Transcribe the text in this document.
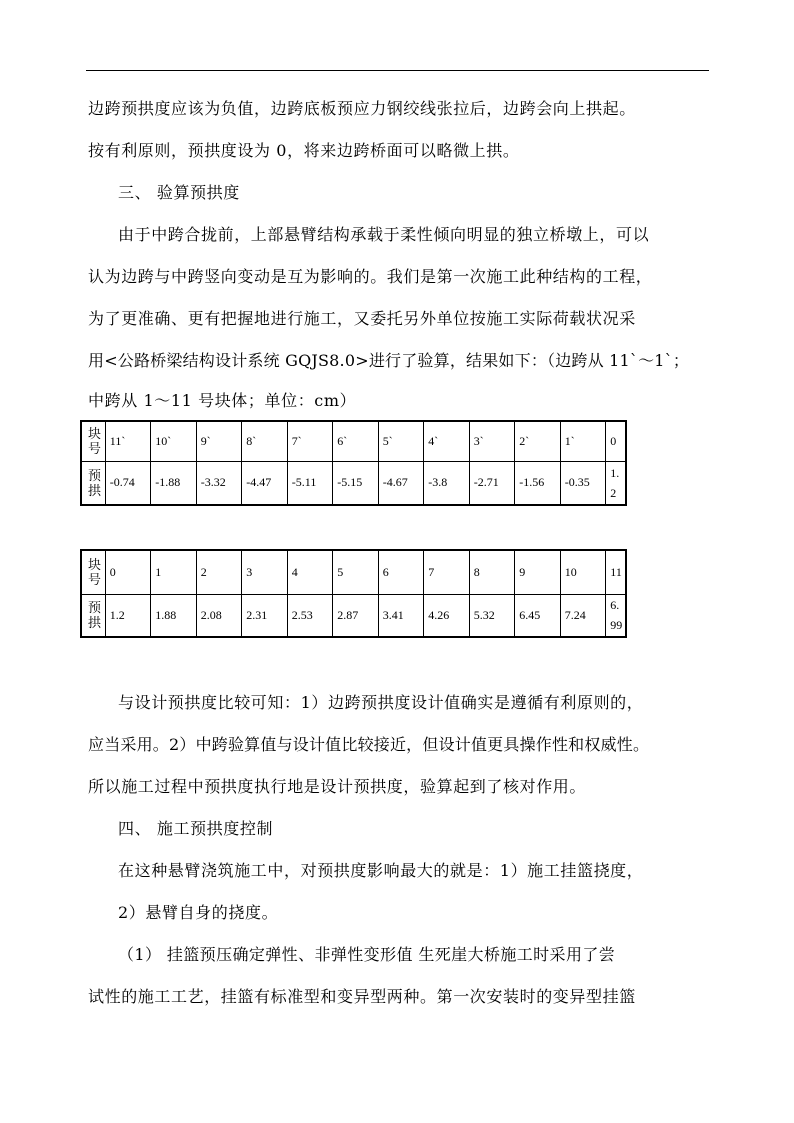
边跨预拱度应该为负值，边跨底板预应力钢绞线张拉后，边跨会向上拱起。
按有利原则，预拱度设为 0，将来边跨桥面可以略微上拱。
三、 验算预拱度
由于中跨合拢前，上部悬臂结构承载于柔性倾向明显的独立桥墩上，可以
认为边跨与中跨竖向变动是互为影响的。我们是第一次施工此种结构的工程，
为了更准确、更有把握地进行施工，又委托另外单位按施工实际荷载状况采
用<公路桥梁结构设计系统 GQJS8.0>进行了验算，结果如下：（边跨从 11`～1`；
中跨从 1～11 号块体；单位：cm）
块号	11`	10`	9`	8`	7`	6`	5`	4`	3`	2`	1`	0
预拱	-0.74	-1.88	-3.32	-4.47	-5.11	-5.15	-4.67	-3.8	-2.71	-1.56	-0.35	1.2
块号	0	1	2	3	4	5	6	7	8	9	10	11
预拱	1.2	1.88	2.08	2.31	2.53	2.87	3.41	4.26	5.32	6.45	7.24	6.99
与设计预拱度比较可知：1）边跨预拱度设计值确实是遵循有利原则的，
应当采用。2）中跨验算值与设计值比较接近，但设计值更具操作性和权威性。
所以施工过程中预拱度执行地是设计预拱度，验算起到了核对作用。
四、 施工预拱度控制
在这种悬臂浇筑施工中，对预拱度影响最大的就是：1）施工挂篮挠度，
2）悬臂自身的挠度。
（1） 挂篮预压确定弹性、非弹性变形值 生死崖大桥施工时采用了尝
试性的施工工艺，挂篮有标准型和变异型两种。第一次安装时的变异型挂篮
